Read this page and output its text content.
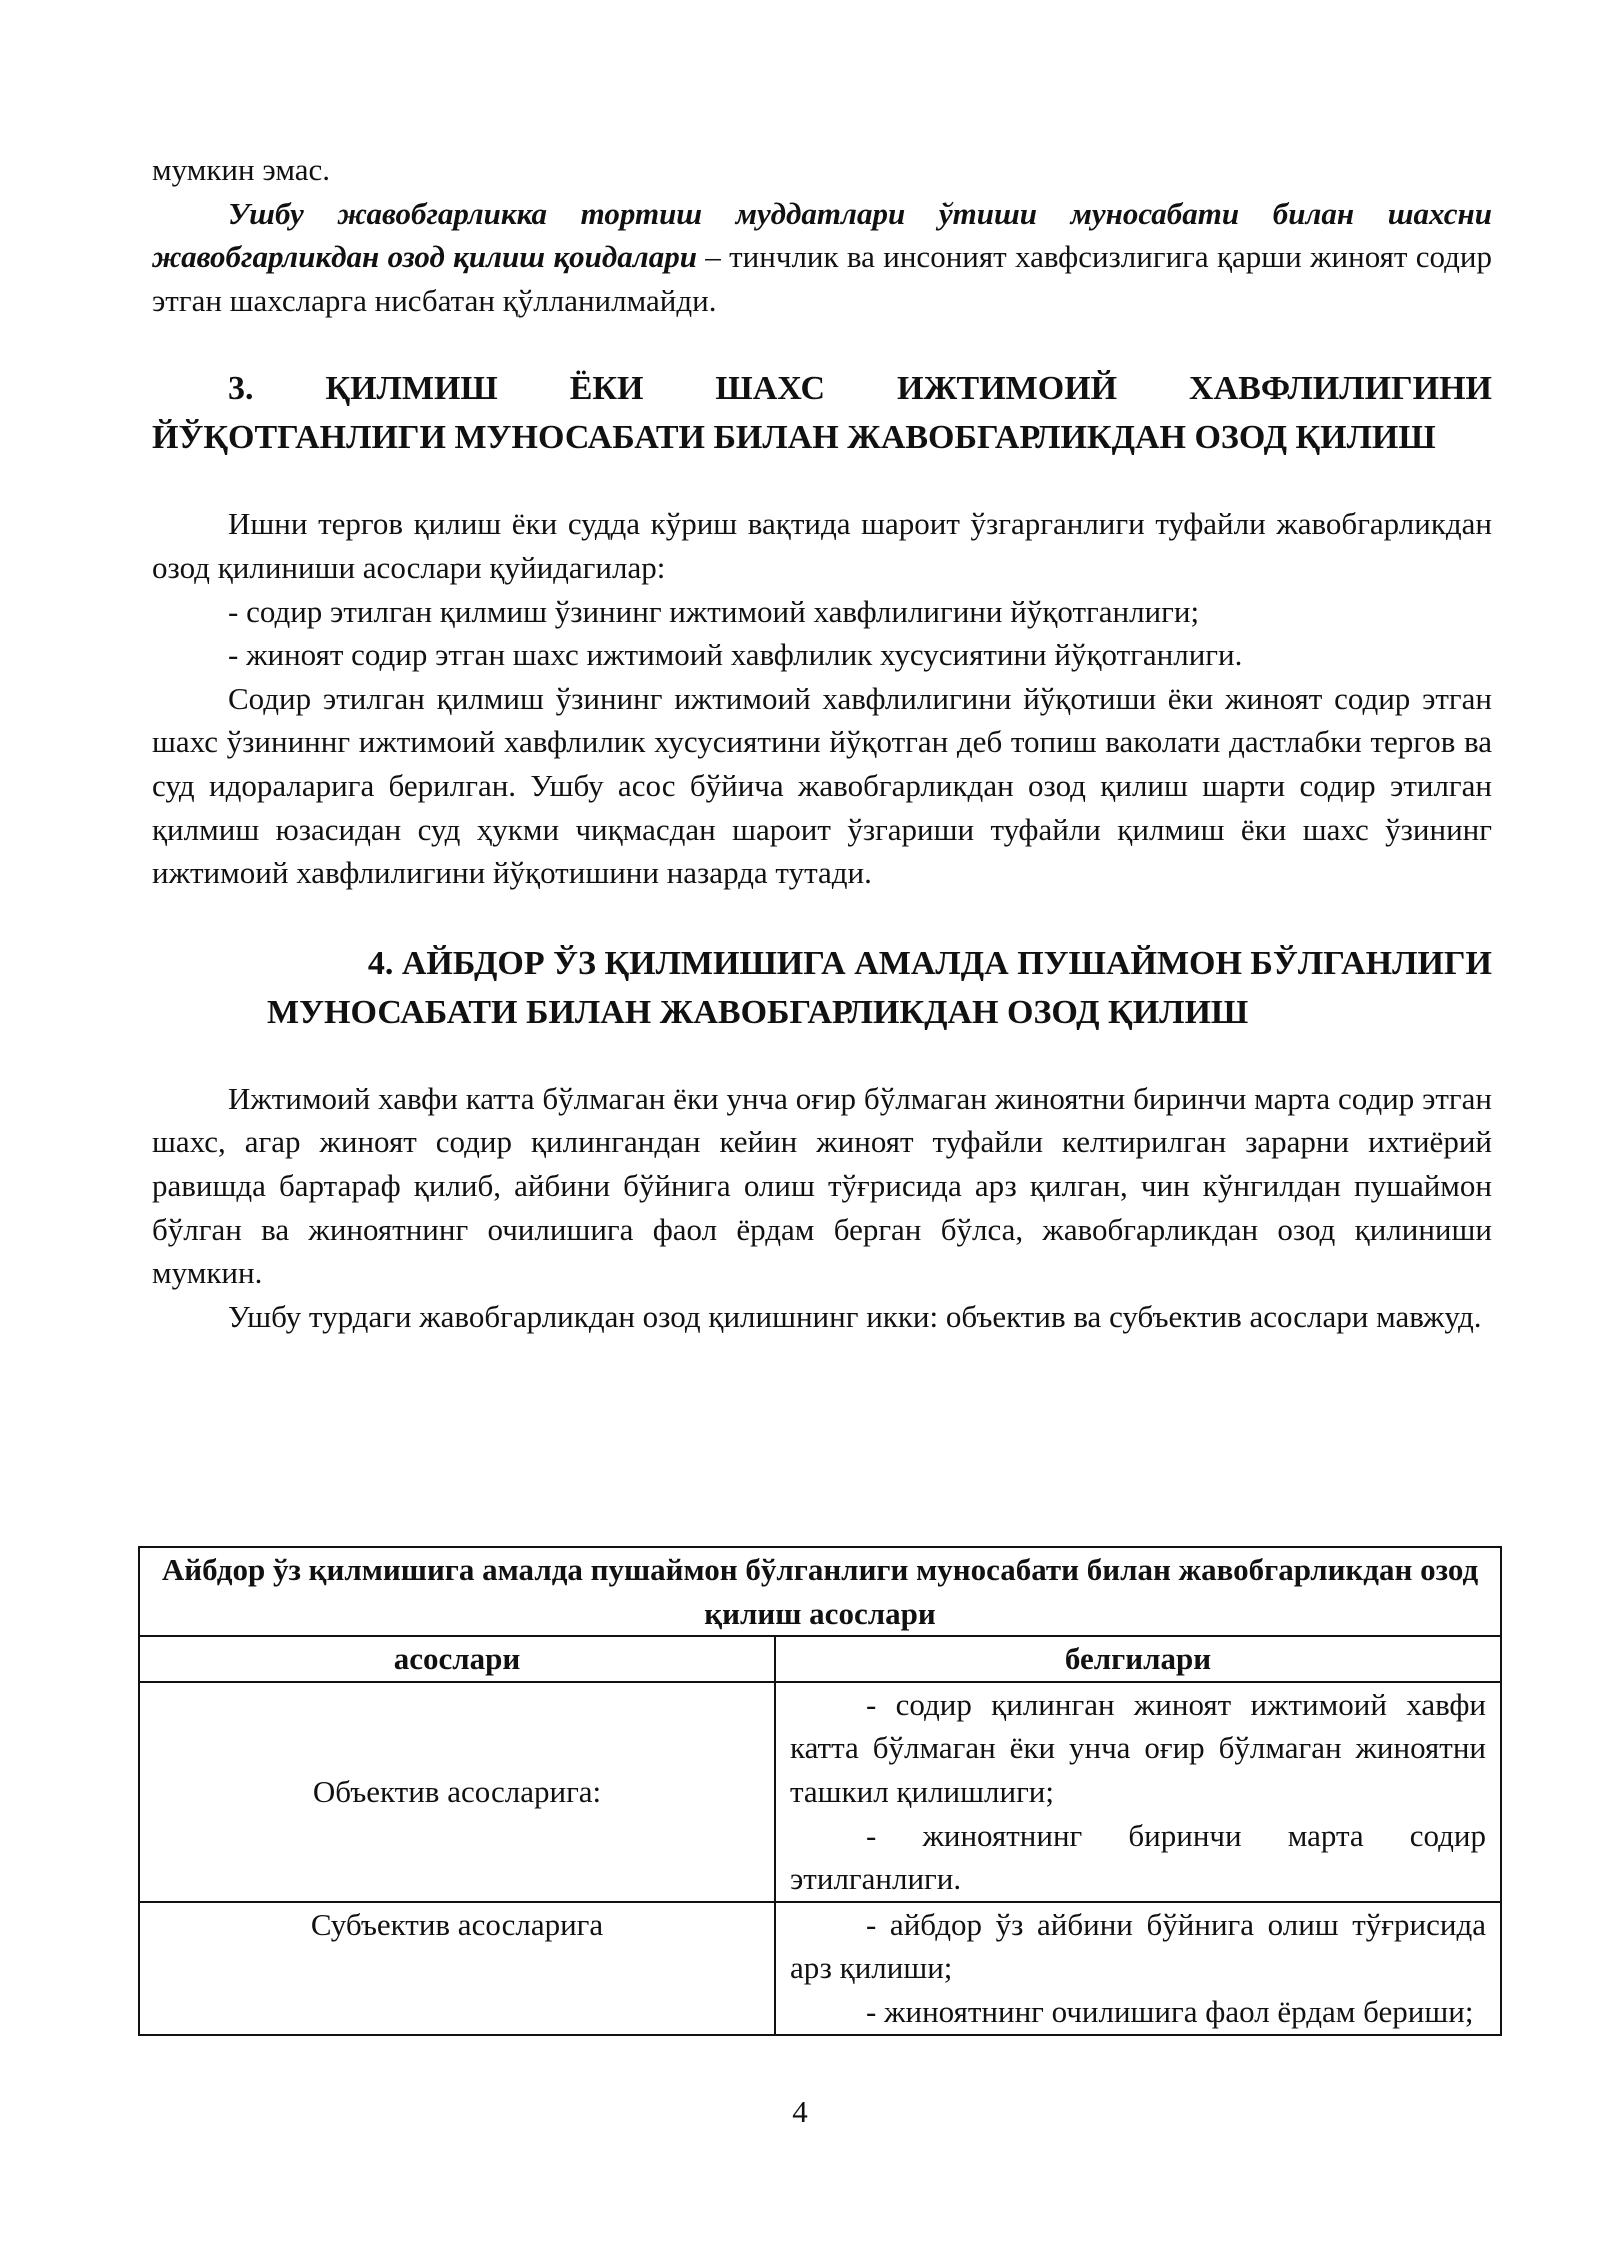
мумкин эмас.

Ушбу жавобгарликка тортиш муддатлари ўтиши муносабати билан шахсни жавобгарликдан озод қилиш қоидалари – тинчлик ва инсоният хавфсизлигига қарши жиноят содир этган шахсларга нисбатан қўлланилмайди.

3. ҚИЛМИШ ЁКИ ШАХС ИЖТИМОИЙ ХАВФЛИЛИГИНИ ЙЎҚОТГАНЛИГИ МУНОСАБАТИ БИЛАН ЖАВОБГАРЛИКДАН ОЗОД ҚИЛИШ

Ишни тергов қилиш ёки судда кўриш вақтида шароит ўзгарганлиги туфайли жавобгарликдан озод қилиниши асослари қуйидагилар:

- содир этилган қилмиш ўзининг ижтимоий хавфлилигини йўқотганлиги;

- жиноят содир этган шахс ижтимоий хавфлилик хусусиятини йўқотганлиги.

Содир этилган қилмиш ўзининг ижтимоий хавфлилигини йўқотиши ёки жиноят содир этган шахс ўзининнг ижтимоий хавфлилик хусусиятини йўқотган деб топиш ваколати дастлабки тергов ва суд идораларига берилган. Ушбу асос бўйича жавобгарликдан озод қилиш шарти содир этилган қилмиш юзасидан суд ҳукми чиқмасдан шароит ўзгариши туфайли қилмиш ёки шахс ўзининг ижтимоий хавфлилигини йўқотишини назарда тутади.

4. АЙБДОР ЎЗ ҚИЛМИШИГА АМАЛДА ПУШАЙМОН БЎЛГАНЛИГИ
МУНОСАБАТИ БИЛАН ЖАВОБГАРЛИКДАН ОЗОД ҚИЛИШ

Ижтимоий хавфи катта бўлмаган ёки унча оғир бўлмаган жиноятни биринчи марта содир этган шахс, агар жиноят содир қилингандан кейин жиноят туфайли келтирилган зарарни ихтиёрий равишда бартараф қилиб, айбини бўйнига олиш тўғрисида арз қилган, чин кўнгилдан пушаймон бўлган ва жиноятнинг очилишига фаол ёрдам берган бўлса, жавобгарликдан озод қилиниши мумкин.

Ушбу турдаги жавобгарликдан озод қилишнинг икки: объектив ва субъектив асослари мавжуд.

Айбдор ўз қилмишига амалда пушаймон бўлганлиги муносабати билан жавобгарликдан озод қилиш асослари	
асослари	белгилари
Объектив асосларига:	- содир қилинган жиноят ижтимоий хавфи катта бўлмаган ёки унча оғир бўлмаган жиноятни ташкил қилишлиги;
- жиноятнинг биринчи марта содир этилганлиги.

Субъектив асосларига	- айбдор ўз айбини бўйнига олиш тўғрисида арз қилиши;
- жиноятнинг очилишига фаол ёрдам бериши;
4
